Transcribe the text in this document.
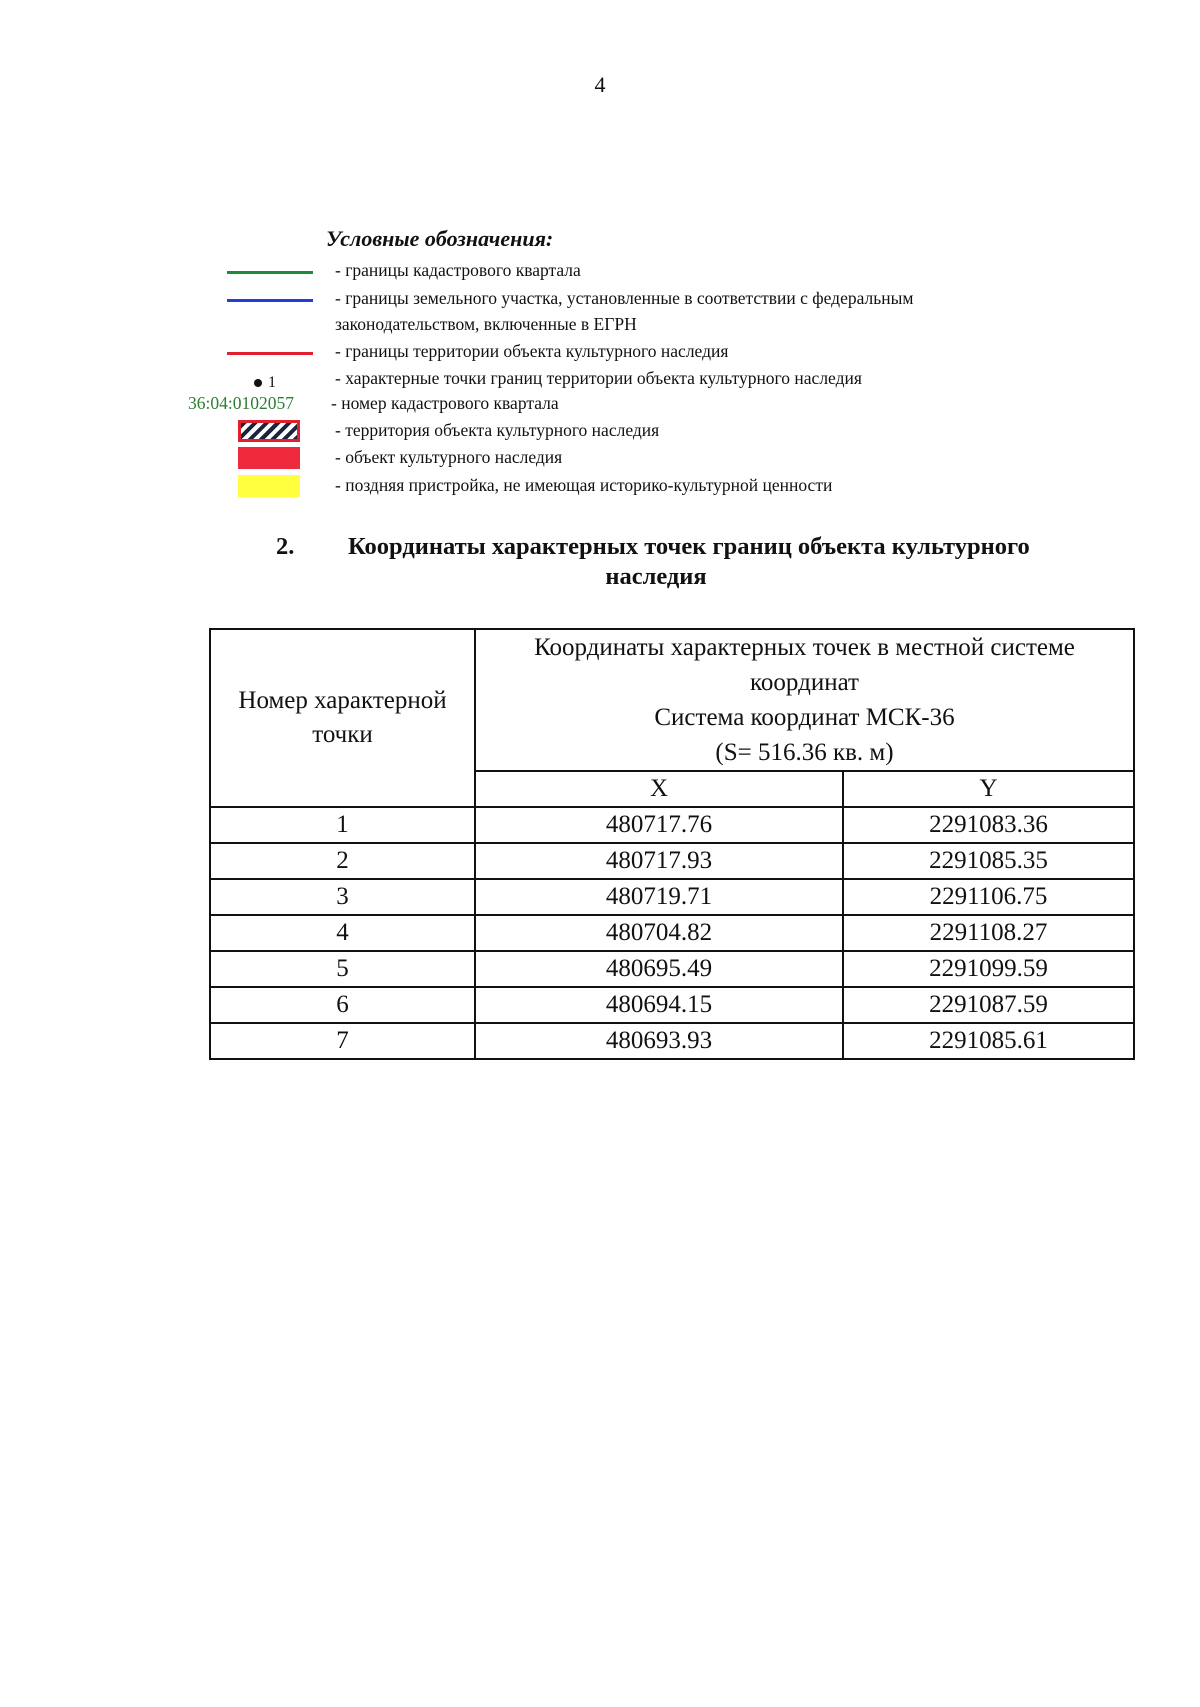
4
Условные обозначения:
- границы кадастрового квартала
- границы земельного участка, установленные в соответствии с федеральным
законодательством, включенные в ЕГРН
- границы территории объекта культурного наследия
1	- характерные точки границ территории объекта культурного наследия
36:04:0102057 - номер кадастрового квартала
- территория объекта культурного наследия
- объект культурного наследия
- поздняя пристройка, не имеющая историко-культурной ценности
2. Координаты характерных точек границ объекта культурного
наследия
Номер характерной точки	Координаты характерных точек в местной системе
координат
Система координат МСК-36
(S= 516.36 кв. м)	

	X	Y
1	480717.76	2291083.36
2	480717.93	2291085.35
3	480719.71	2291106.75
4	480704.82	2291108.27
5	480695.49	2291099.59
6	480694.15	2291087.59
7	480693.93	2291085.61
